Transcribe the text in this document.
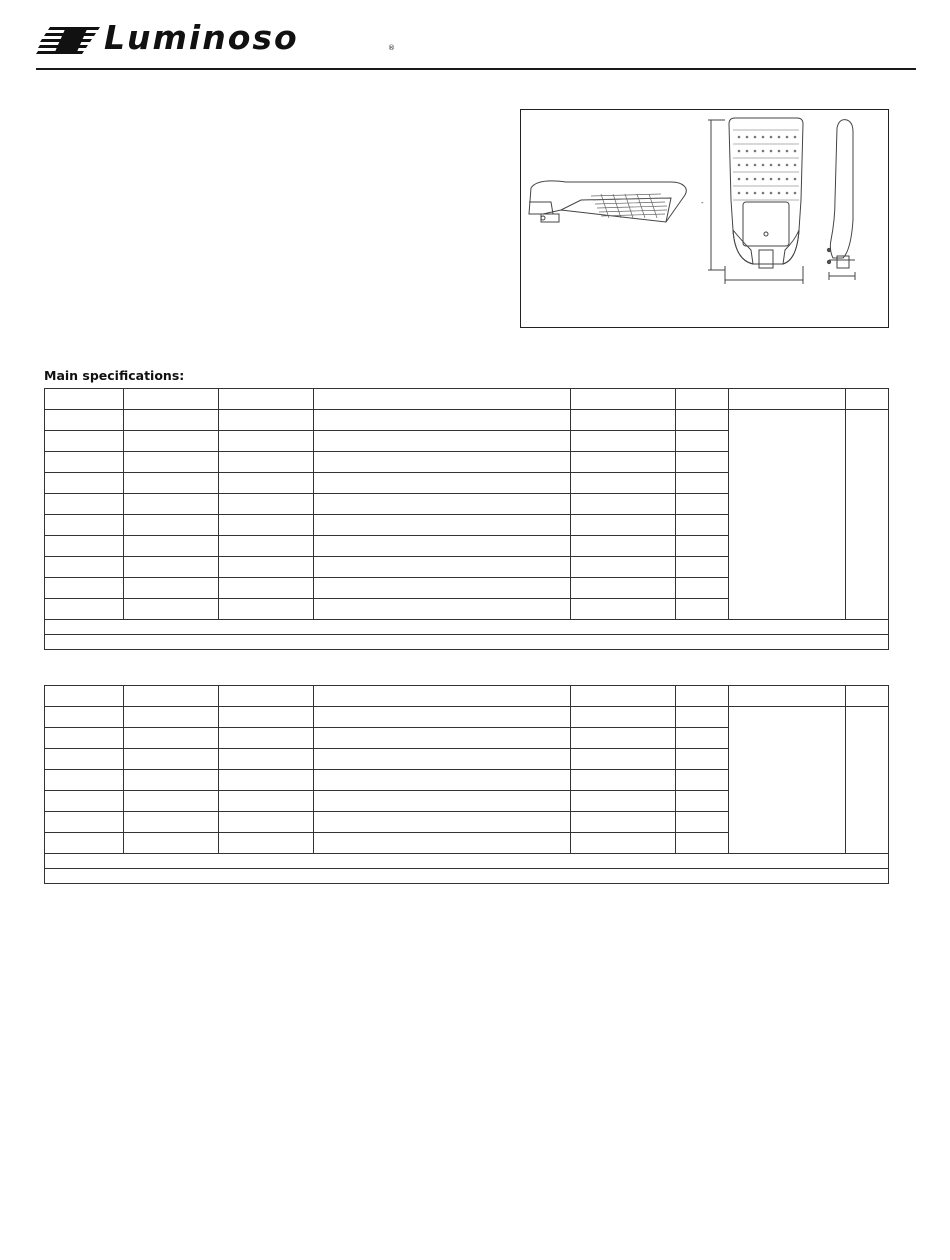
Luminoso	®
-
Main specifications:
